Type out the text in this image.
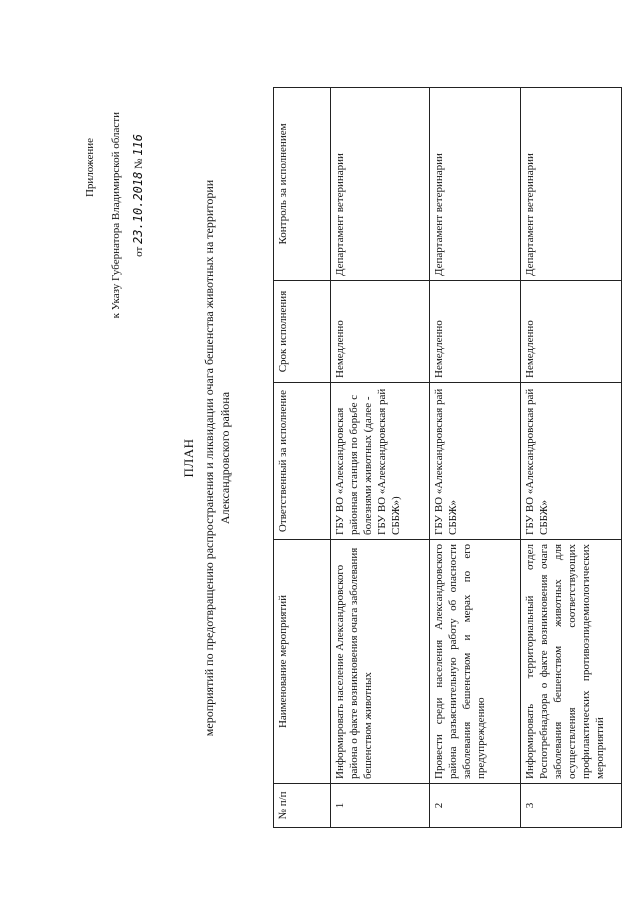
Приложение к Указу Губернатора Владимирской области от 23.10.2018 № 116
ПЛАН мероприятий по предотвращению распространения и ликвидации очага бешенства животных на территории Александровского района
№ п/п	Наименование мероприятий	Ответственный за исполнение	Срок исполнения	Контроль за исполнением
1	Информировать население Александровского района о факте возникновения очага заболевания бешенством животных	ГБУ ВО «Александровская районная станция по борьбе с болезнями животных (далее - ГБУ ВО «Александровская рай СББЖ»)	Немедленно	Департамент ветеринарии
2	Провести среди населения Александровского района разъяснительную работу об опасности заболевания бешенством и мерах по его предупреждению	ГБУ ВО «Александровская рай СББЖ»	Немедленно	Департамент ветеринарии
3	Информировать территориальный отдел Роспотребнадзора о факте возникновения очага заболевания бешенством животных для осуществления соответствующих профилактических противоэпидемиологических мероприятий	ГБУ ВО «Александровская рай СББЖ»	Немедленно	Департамент ветеринарии
